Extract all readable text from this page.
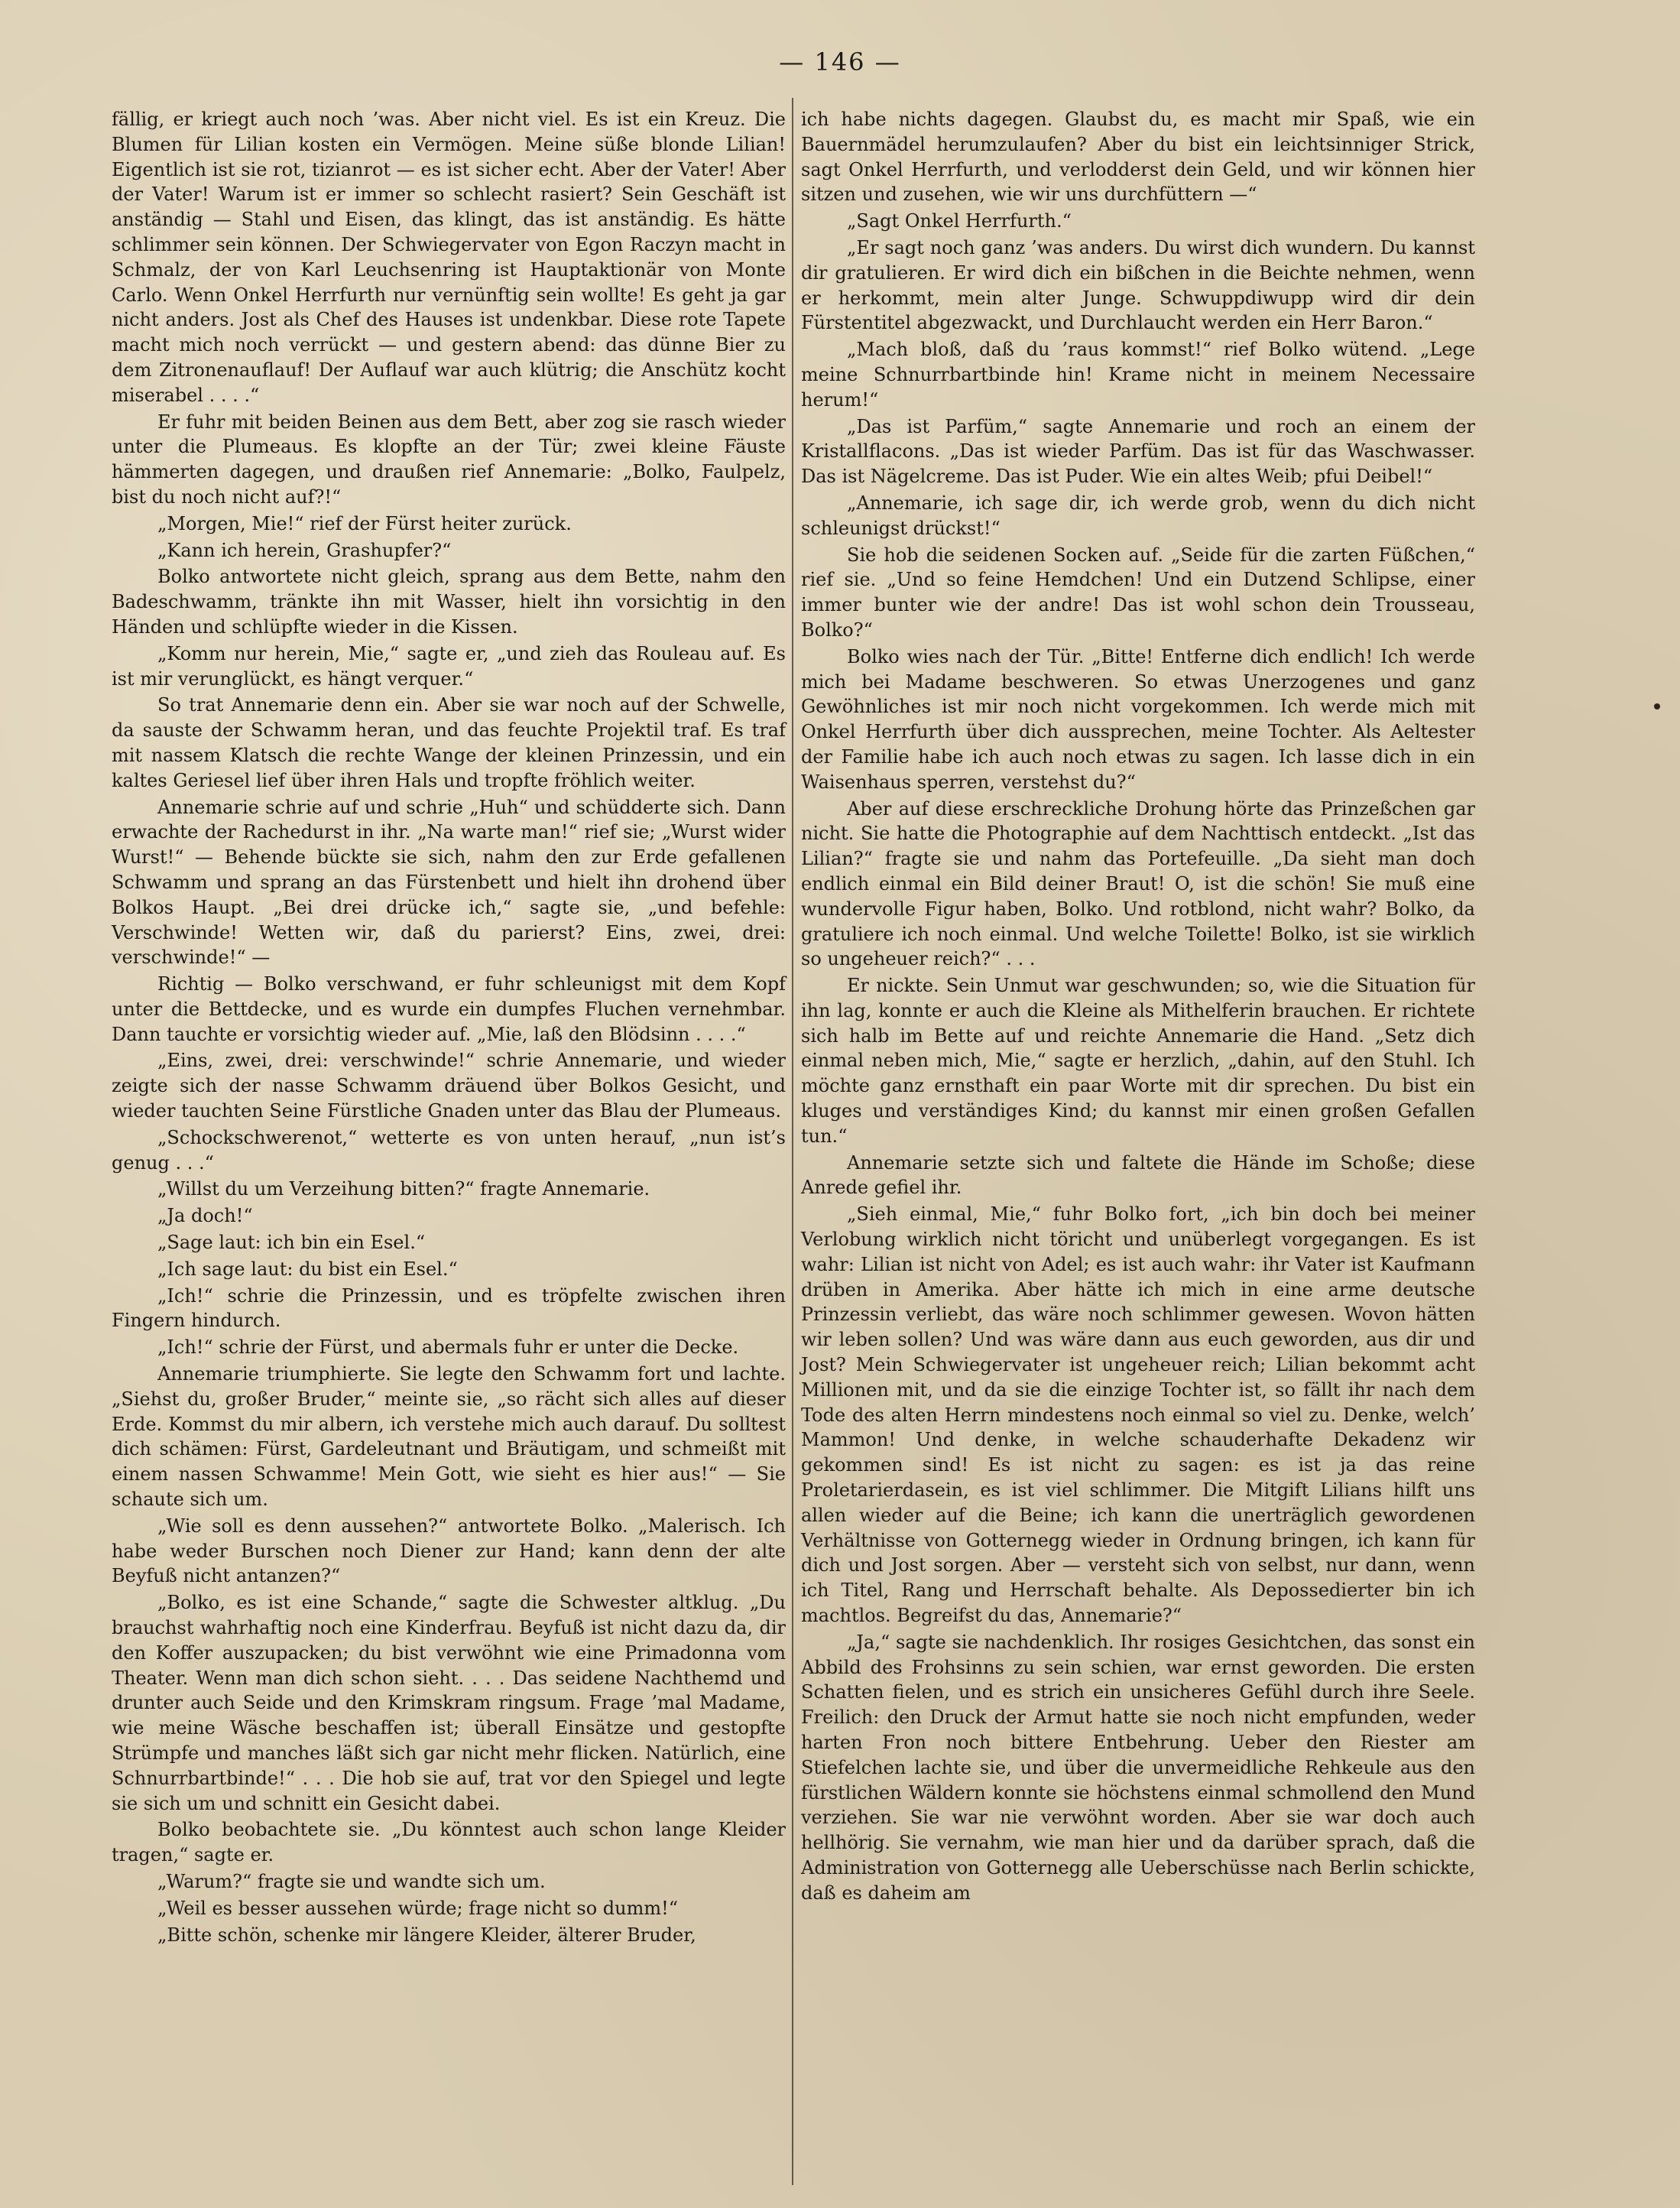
— 146 —

fällig, er kriegt auch noch ’was. Aber nicht viel. Es ist ein Kreuz. Die Blumen für Lilian kosten ein Vermögen. Meine süße blonde Lilian! Eigentlich ist sie rot, tizianrot — es ist sicher echt. Aber der Vater! Aber der Vater! Warum ist er immer so schlecht rasiert? Sein Geschäft ist anständig — Stahl und Eisen, das klingt, das ist anständig. Es hätte schlimmer sein können. Der Schwiegervater von Egon Raczyn macht in Schmalz, der von Karl Leuchsenring ist Hauptaktionär von Monte Carlo. Wenn Onkel Herrfurth nur vernünftig sein wollte! Es geht ja gar nicht anders. Jost als Chef des Hauses ist undenkbar. Diese rote Tapete macht mich noch verrückt — und gestern abend: das dünne Bier zu dem Zitronenauflauf! Der Auflauf war auch klütrig; die Anschütz kocht miserabel . . . .“

Er fuhr mit beiden Beinen aus dem Bett, aber zog sie rasch wieder unter die Plumeaus. Es klopfte an der Tür; zwei kleine Fäuste hämmerten dagegen, und draußen rief Annemarie: „Bolko, Faulpelz, bist du noch nicht auf?!“

„Morgen, Mie!“ rief der Fürst heiter zurück.

„Kann ich herein, Grashupfer?“

Bolko antwortete nicht gleich, sprang aus dem Bette, nahm den Badeschwamm, tränkte ihn mit Wasser, hielt ihn vorsichtig in den Händen und schlüpfte wieder in die Kissen.

„Komm nur herein, Mie,“ sagte er, „und zieh das Rouleau auf. Es ist mir verunglückt, es hängt verquer.“

So trat Annemarie denn ein. Aber sie war noch auf der Schwelle, da sauste der Schwamm heran, und das feuchte Projektil traf. Es traf mit nassem Klatsch die rechte Wange der kleinen Prinzessin, und ein kaltes Geriesel lief über ihren Hals und tropfte fröhlich weiter.

Annemarie schrie auf und schrie „Huh“ und schüdderte sich. Dann erwachte der Rachedurst in ihr. „Na warte man!“ rief sie; „Wurst wider Wurst!“ — Behende bückte sie sich, nahm den zur Erde gefallenen Schwamm und sprang an das Fürstenbett und hielt ihn drohend über Bolkos Haupt. „Bei drei drücke ich,“ sagte sie, „und befehle: Verschwinde! Wetten wir, daß du parierst? Eins, zwei, drei: verschwinde!“ —

Richtig — Bolko verschwand, er fuhr schleunigst mit dem Kopf unter die Bettdecke, und es wurde ein dumpfes Fluchen vernehmbar. Dann tauchte er vorsichtig wieder auf. „Mie, laß den Blödsinn . . . .“

„Eins, zwei, drei: verschwinde!“ schrie Annemarie, und wieder zeigte sich der nasse Schwamm dräuend über Bolkos Gesicht, und wieder tauchten Seine Fürstliche Gnaden unter das Blau der Plumeaus.

„Schockschwerenot,“ wetterte es von unten herauf, „nun ist’s genug . . .“

„Willst du um Verzeihung bitten?“ fragte Annemarie.

„Ja doch!“

„Sage laut: ich bin ein Esel.“

„Ich sage laut: du bist ein Esel.“

„Ich!“ schrie die Prinzessin, und es tröpfelte zwischen ihren Fingern hindurch.

„Ich!“ schrie der Fürst, und abermals fuhr er unter die Decke.

Annemarie triumphierte. Sie legte den Schwamm fort und lachte. „Siehst du, großer Bruder,“ meinte sie, „so rächt sich alles auf dieser Erde. Kommst du mir albern, ich verstehe mich auch darauf. Du solltest dich schämen: Fürst, Gardeleutnant und Bräutigam, und schmeißt mit einem nassen Schwamme! Mein Gott, wie sieht es hier aus!“ — Sie schaute sich um.

„Wie soll es denn aussehen?“ antwortete Bolko. „Malerisch. Ich habe weder Burschen noch Diener zur Hand; kann denn der alte Beyfuß nicht antanzen?“

„Bolko, es ist eine Schande,“ sagte die Schwester altklug. „Du brauchst wahrhaftig noch eine Kinderfrau. Beyfuß ist nicht dazu da, dir den Koffer auszupacken; du bist verwöhnt wie eine Primadonna vom Theater. Wenn man dich schon sieht. . . . Das seidene Nachthemd und drunter auch Seide und den Krimskram ringsum. Frage ’mal Madame, wie meine Wäsche beschaffen ist; überall Einsätze und gestopfte Strümpfe und manches läßt sich gar nicht mehr flicken. Natürlich, eine Schnurrbartbinde!“ . . . Die hob sie auf, trat vor den Spiegel und legte sie sich um und schnitt ein Gesicht dabei.

Bolko beobachtete sie. „Du könntest auch schon lange Kleider tragen,“ sagte er.

„Warum?“ fragte sie und wandte sich um.

„Weil es besser aussehen würde; frage nicht so dumm!“

„Bitte schön, schenke mir längere Kleider, älterer Bruder,

ich habe nichts dagegen. Glaubst du, es macht mir Spaß, wie ein Bauernmädel herumzulaufen? Aber du bist ein leichtsinniger Strick, sagt Onkel Herrfurth, und verlodderst dein Geld, und wir können hier sitzen und zusehen, wie wir uns durchfüttern —“

„Sagt Onkel Herrfurth.“

„Er sagt noch ganz ’was anders. Du wirst dich wundern. Du kannst dir gratulieren. Er wird dich ein bißchen in die Beichte nehmen, wenn er herkommt, mein alter Junge. Schwuppdiwupp wird dir dein Fürstentitel abgezwackt, und Durchlaucht werden ein Herr Baron.“

„Mach bloß, daß du ’raus kommst!“ rief Bolko wütend. „Lege meine Schnurrbartbinde hin! Krame nicht in meinem Necessaire herum!“

„Das ist Parfüm,“ sagte Annemarie und roch an einem der Kristallflacons. „Das ist wieder Parfüm. Das ist für das Waschwasser. Das ist Nägelcreme. Das ist Puder. Wie ein altes Weib; pfui Deibel!“

„Annemarie, ich sage dir, ich werde grob, wenn du dich nicht schleunigst drückst!“

Sie hob die seidenen Socken auf. „Seide für die zarten Füßchen,“ rief sie. „Und so feine Hemdchen! Und ein Dutzend Schlipse, einer immer bunter wie der andre! Das ist wohl schon dein Trousseau, Bolko?“

Bolko wies nach der Tür. „Bitte! Entferne dich endlich! Ich werde mich bei Madame beschweren. So etwas Unerzogenes und ganz Gewöhnliches ist mir noch nicht vorgekommen. Ich werde mich mit Onkel Herrfurth über dich aussprechen, meine Tochter. Als Aeltester der Familie habe ich auch noch etwas zu sagen. Ich lasse dich in ein Waisenhaus sperren, verstehst du?“

Aber auf diese erschreckliche Drohung hörte das Prinzeßchen gar nicht. Sie hatte die Photographie auf dem Nachttisch entdeckt. „Ist das Lilian?“ fragte sie und nahm das Portefeuille. „Da sieht man doch endlich einmal ein Bild deiner Braut! O, ist die schön! Sie muß eine wundervolle Figur haben, Bolko. Und rotblond, nicht wahr? Bolko, da gratuliere ich noch einmal. Und welche Toilette! Bolko, ist sie wirklich so ungeheuer reich?“ . . .

Er nickte. Sein Unmut war geschwunden; so, wie die Situation für ihn lag, konnte er auch die Kleine als Mithelferin brauchen. Er richtete sich halb im Bette auf und reichte Annemarie die Hand. „Setz dich einmal neben mich, Mie,“ sagte er herzlich, „dahin, auf den Stuhl. Ich möchte ganz ernsthaft ein paar Worte mit dir sprechen. Du bist ein kluges und verständiges Kind; du kannst mir einen großen Gefallen tun.“

Annemarie setzte sich und faltete die Hände im Schoße; diese Anrede gefiel ihr.

„Sieh einmal, Mie,“ fuhr Bolko fort, „ich bin doch bei meiner Verlobung wirklich nicht töricht und unüberlegt vorgegangen. Es ist wahr: Lilian ist nicht von Adel; es ist auch wahr: ihr Vater ist Kaufmann drüben in Amerika. Aber hätte ich mich in eine arme deutsche Prinzessin verliebt, das wäre noch schlimmer gewesen. Wovon hätten wir leben sollen? Und was wäre dann aus euch geworden, aus dir und Jost? Mein Schwiegervater ist ungeheuer reich; Lilian bekommt acht Millionen mit, und da sie die einzige Tochter ist, so fällt ihr nach dem Tode des alten Herrn mindestens noch einmal so viel zu. Denke, welch’ Mammon! Und denke, in welche schauderhafte Dekadenz wir gekommen sind! Es ist nicht zu sagen: es ist ja das reine Proletarierdasein, es ist viel schlimmer. Die Mitgift Lilians hilft uns allen wieder auf die Beine; ich kann die unerträglich gewordenen Verhältnisse von Gotternegg wieder in Ordnung bringen, ich kann für dich und Jost sorgen. Aber — versteht sich von selbst, nur dann, wenn ich Titel, Rang und Herrschaft behalte. Als Depossedierter bin ich machtlos. Begreifst du das, Annemarie?“

„Ja,“ sagte sie nachdenklich. Ihr rosiges Gesichtchen, das sonst ein Abbild des Frohsinns zu sein schien, war ernst geworden. Die ersten Schatten fielen, und es strich ein unsicheres Gefühl durch ihre Seele. Freilich: den Druck der Armut hatte sie noch nicht empfunden, weder harten Fron noch bittere Entbehrung. Ueber den Riester am Stiefelchen lachte sie, und über die unvermeidliche Rehkeule aus den fürstlichen Wäldern konnte sie höchstens einmal schmollend den Mund verziehen. Sie war nie verwöhnt worden. Aber sie war doch auch hellhörig. Sie vernahm, wie man hier und da darüber sprach, daß die Administration von Gotternegg alle Ueberschüsse nach Berlin schickte, daß es daheim am
